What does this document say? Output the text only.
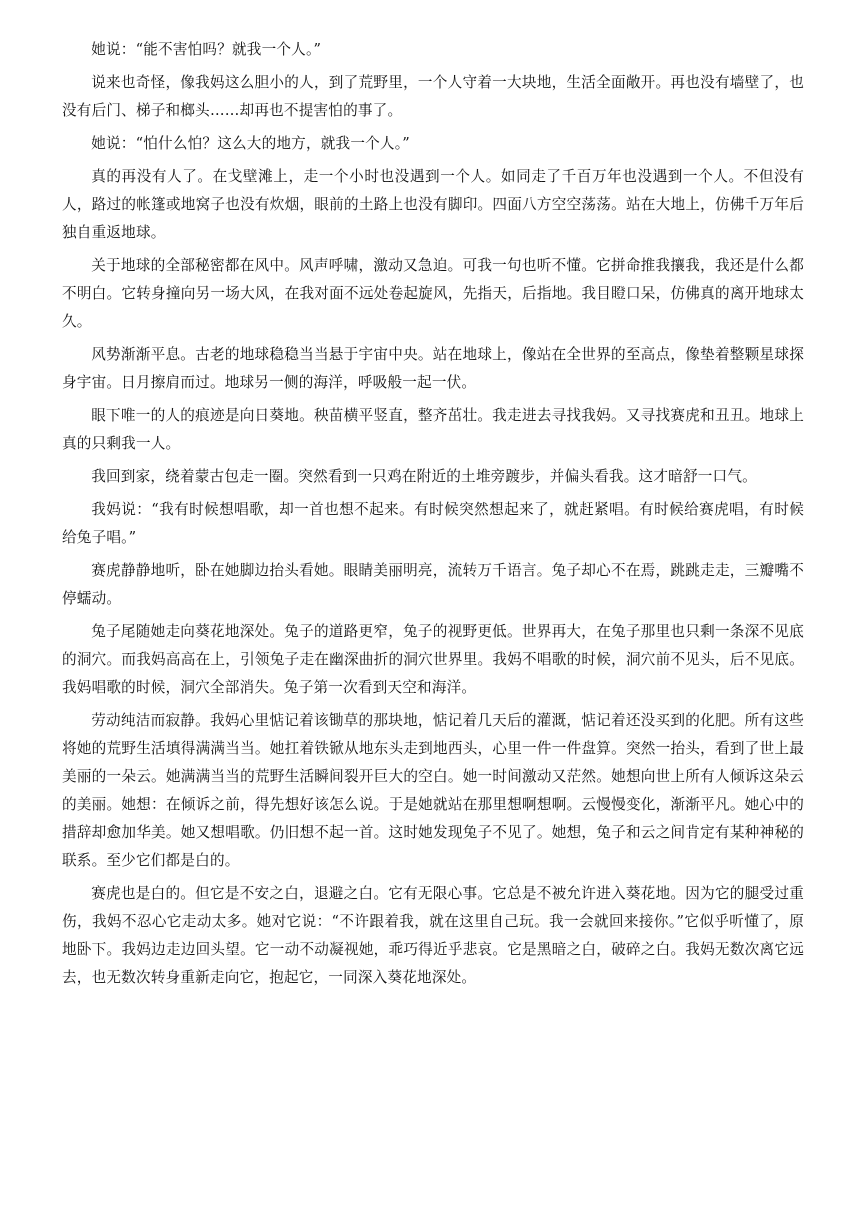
她说：“能不害怕吗？就我一个人。”

说来也奇怪，像我妈这么胆小的人，到了荒野里，一个人守着一大块地，生活全面敞开。再也没有墙壁了，也没有后门、梯子和榔头……却再也不提害怕的事了。

她说：“怕什么怕？这么大的地方，就我一个人。”

真的再没有人了。在戈壁滩上，走一个小时也没遇到一个人。如同走了千百万年也没遇到一个人。不但没有人，路过的帐篷或地窝子也没有炊烟，眼前的土路上也没有脚印。四面八方空空荡荡。站在大地上，仿佛千万年后独自重返地球。

关于地球的全部秘密都在风中。风声呼啸，激动又急迫。可我一句也听不懂。它拼命推我攘我，我还是什么都不明白。它转身撞向另一场大风，在我对面不远处卷起旋风，先指天，后指地。我目瞪口呆，仿佛真的离开地球太久。

风势渐渐平息。古老的地球稳稳当当悬于宇宙中央。站在地球上，像站在全世界的至高点，像垫着整颗星球探身宇宙。日月擦肩而过。地球另一侧的海洋，呼吸般一起一伏。

眼下唯一的人的痕迹是向日葵地。秧苗横平竖直，整齐茁壮。我走进去寻找我妈。又寻找赛虎和丑丑。地球上真的只剩我一人。

我回到家，绕着蒙古包走一圈。突然看到一只鸡在附近的土堆旁踱步，并偏头看我。这才暗舒一口气。

我妈说：“我有时候想唱歌，却一首也想不起来。有时候突然想起来了，就赶紧唱。有时候给赛虎唱，有时候给兔子唱。”

赛虎静静地听，卧在她脚边抬头看她。眼睛美丽明亮，流转万千语言。兔子却心不在焉，跳跳走走，三瓣嘴不停蠕动。

兔子尾随她走向葵花地深处。兔子的道路更窄，兔子的视野更低。世界再大，在兔子那里也只剩一条深不见底的洞穴。而我妈高高在上，引领兔子走在幽深曲折的洞穴世界里。我妈不唱歌的时候，洞穴前不见头，后不见底。我妈唱歌的时候，洞穴全部消失。兔子第一次看到天空和海洋。

劳动纯洁而寂静。我妈心里惦记着该锄草的那块地，惦记着几天后的灌溉，惦记着还没买到的化肥。所有这些将她的荒野生活填得满满当当。她扛着铁锨从地东头走到地西头，心里一件一件盘算。突然一抬头，看到了世上最美丽的一朵云。她满满当当的荒野生活瞬间裂开巨大的空白。她一时间激动又茫然。她想向世上所有人倾诉这朵云的美丽。她想：在倾诉之前，得先想好该怎么说。于是她就站在那里想啊想啊。云慢慢变化，渐渐平凡。她心中的措辞却愈加华美。她又想唱歌。仍旧想不起一首。这时她发现兔子不见了。她想，兔子和云之间肯定有某种神秘的联系。至少它们都是白的。

赛虎也是白的。但它是不安之白，退避之白。它有无限心事。它总是不被允许进入葵花地。因为它的腿受过重伤，我妈不忍心它走动太多。她对它说：“不许跟着我，就在这里自己玩。我一会就回来接你。”它似乎听懂了，原地卧下。我妈边走边回头望。它一动不动凝视她，乖巧得近乎悲哀。它是黑暗之白，破碎之白。我妈无数次离它远去，也无数次转身重新走向它，抱起它，一同深入葵花地深处。
